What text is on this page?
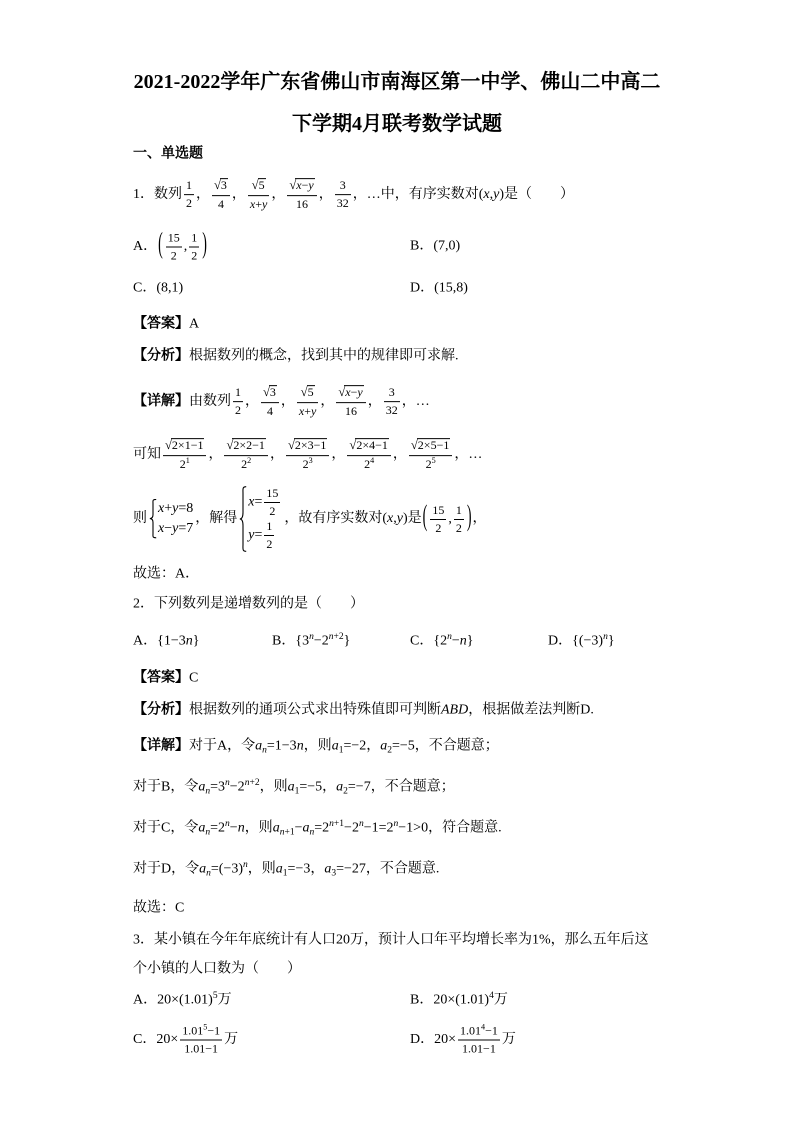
2021-2022学年广东省佛山市南海区第一中学、佛山二中高二
下学期4月联考数学试题
一、单选题
1．数列 $\frac{1}{2}$ ， √ $\frac{3}{4}$ ， √ $\frac{5}{x+y}$ ， √ $\frac{x-y}{16}$ ， $\frac{3}{32}$ ，…中，有序实数对(x,y)是（　　）
A． ( $\frac{15}{2}$ , $\frac{1}{2}$ )	B．(7,0)
C．(8,1)	D．(15,8)
【答案】A
【分析】根据数列的概念，找到其中的规律即可求解.
【详解】由数列 $\frac{1}{2}$ ， √ $\frac{3}{4}$ ， √ $\frac{5}{x+y}$ ， √ $\frac{x-y}{16}$ ， $\frac{3}{32}$ ，…
可知 √ $\frac{2\times 1-1}{2^1}$ ， √ $\frac{2\times 2-1}{2^2}$ ， √ $\frac{2\times 3-1}{2^3}$ ， √ $\frac{2\times 4-1}{2^4}$ ， √ $\frac{2\times 5-1}{2^5}$ ，…
则
x+y=8
x−y=7
，解得
$x= \frac{15}{2}$
$y= \frac{1}{2}$
，故有序实数对(x,y)是 ( $\frac{15}{2}$ , $\frac{1}{2}$ ) ，
故选：A．
2．下列数列是递增数列的是（　　）
A．{1−3n}	B．$\{3^n-2^{n+2}\}$	C．$\{2^n-n\}$	D．$\{(-3)^n\}$
【答案】C
【分析】根据数列的通项公式求出特殊值即可判断ABD，根据做差法判断D.
【详解】对于A，令$a_n=1-3n$，则$a_1=-2$，$a_2=-5$，不合题意；
对于B，令$a_n=3^n-2^{n+2}$，则$a_1=-5$，$a_2=-7$，不合题意；
对于C，令$a_n=2^n-n$，则$a_{n+1}-a_n=2^{n+1}-2^n-1=2^n-1>0$，符合题意.
对于D，令$a_n=(-3)^n$，则$a_1=-3$，$a_3=-27$，不合题意.
故选：C
3．某小镇在今年年底统计有人口20万，预计人口年平均增长率为1%，那么五年后这
个小镇的人口数为（　　）
A．$20\times(1.01)^5$万	B．$20\times(1.01)^4$万
C．$20\times \frac{1.01^5-1}{1.01-1}$ 万	D．$20\times \frac{1.01^4-1}{1.01-1}$ 万
